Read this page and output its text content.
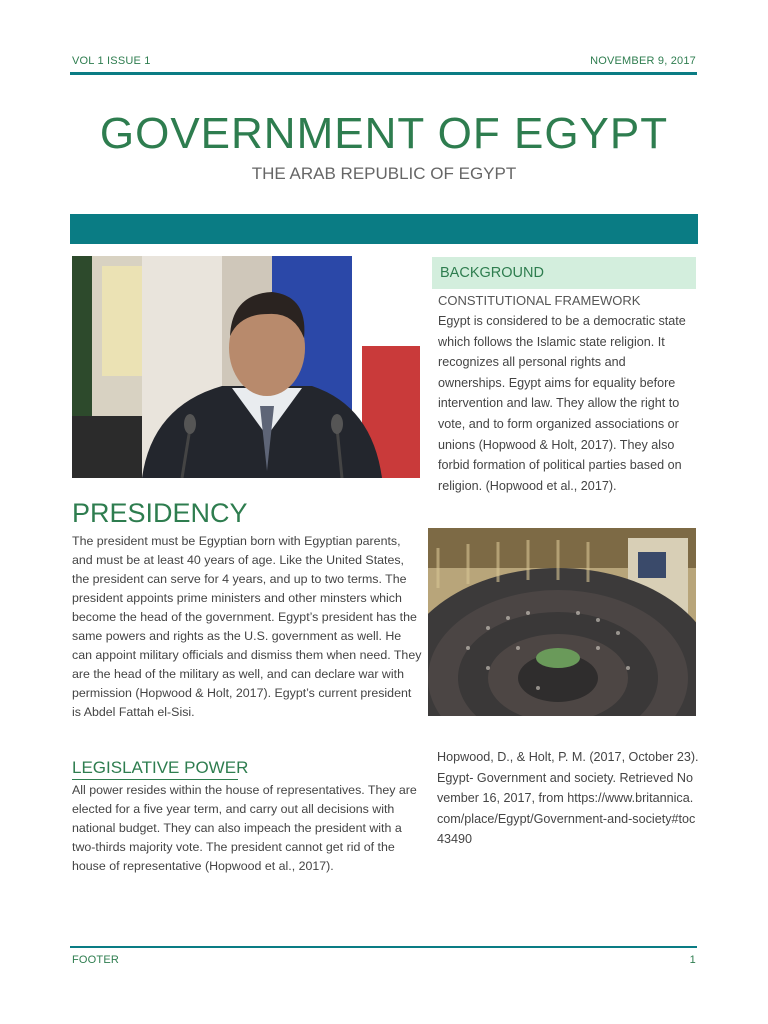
VOL 1 ISSUE 1	NOVEMBER 9, 2017
GOVERNMENT OF EGYPT
THE ARAB REPUBLIC OF EGYPT
BACKGROUND
CONSTITUTIONAL FRAMEWORK
Egypt is considered to be a democratic state which follows the Islamic state religion. It recognizes all personal rights and ownerships. Egypt aims for equality before intervention and law. They allow the right to vote, and to form organized associations or unions (Hopwood & Holt, 2017). They also forbid formation of political parties based on religion. (Hopwood et al., 2017).
PRESIDENCY
The president must be Egyptian born with Egyptian parents, and must be at least 40 years of age. Like the United States, the president can serve for 4 years, and up to two terms. The president appoints prime ministers and other minsters which become the head of the government. Egypt’s president has the same powers and rights as the U.S. government as well. He can appoint military officials and dismiss them when need. They are the head of the military as well, and can declare war with permission (Hopwood & Holt, 2017). Egypt’s current president is Abdel Fattah el-Sisi.
Hopwood, D., & Holt, P. M. (2017, October 23). Egypt- Government and society. Retrieved November 16, 2017, from https://www.britannica.com/place/Egypt/Government-and-society#toc43490
LEGISLATIVE POWER
All power resides within the house of representatives. They are elected for a five year term, and carry out all decisions with national budget. They can also impeach the president with a two-thirds majority vote. The president cannot get rid of the house of representative (Hopwood et al., 2017).
FOOTER	1
